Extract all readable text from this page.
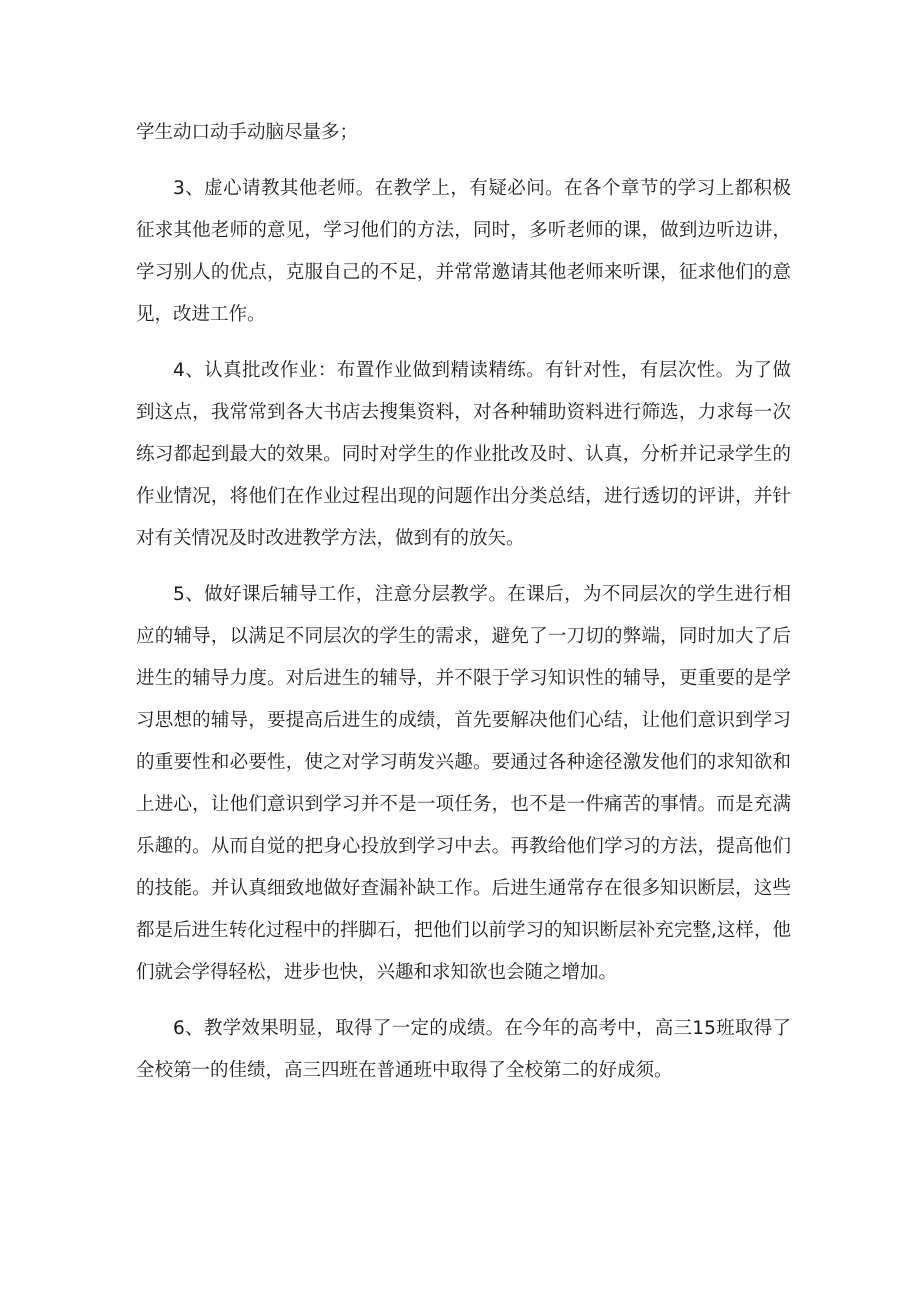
学生动口动手动脑尽量多；

3、虚心请教其他老师。在教学上，有疑必问。在各个章节的学习上都积极征求其他老师的意见，学习他们的方法，同时，多听老师的课，做到边听边讲，学习别人的优点，克服自己的不足，并常常邀请其他老师来听课，征求他们的意见，改进工作。

4、认真批改作业：布置作业做到精读精练。有针对性，有层次性。为了做到这点，我常常到各大书店去搜集资料，对各种辅助资料进行筛选，力求每一次练习都起到最大的效果。同时对学生的作业批改及时、认真，分析并记录学生的作业情况，将他们在作业过程出现的问题作出分类总结，进行透切的评讲，并针对有关情况及时改进教学方法，做到有的放矢。

5、做好课后辅导工作，注意分层教学。在课后，为不同层次的学生进行相应的辅导，以满足不同层次的学生的需求，避免了一刀切的弊端，同时加大了后进生的辅导力度。对后进生的辅导，并不限于学习知识性的辅导，更重要的是学习思想的辅导，要提高后进生的成绩，首先要解决他们心结，让他们意识到学习的重要性和必要性，使之对学习萌发兴趣。要通过各种途径激发他们的求知欲和上进心，让他们意识到学习并不是一项任务，也不是一件痛苦的事情。而是充满乐趣的。从而自觉的把身心投放到学习中去。再教给他们学习的方法，提高他们的技能。并认真细致地做好查漏补缺工作。后进生通常存在很多知识断层，这些都是后进生转化过程中的拌脚石，把他们以前学习的知识断层补充完整,这样，他们就会学得轻松，进步也快，兴趣和求知欲也会随之增加。

6、教学效果明显，取得了一定的成绩。在今年的高考中，高三15班取得了全校第一的佳绩，高三四班在普通班中取得了全校第二的好成须。
